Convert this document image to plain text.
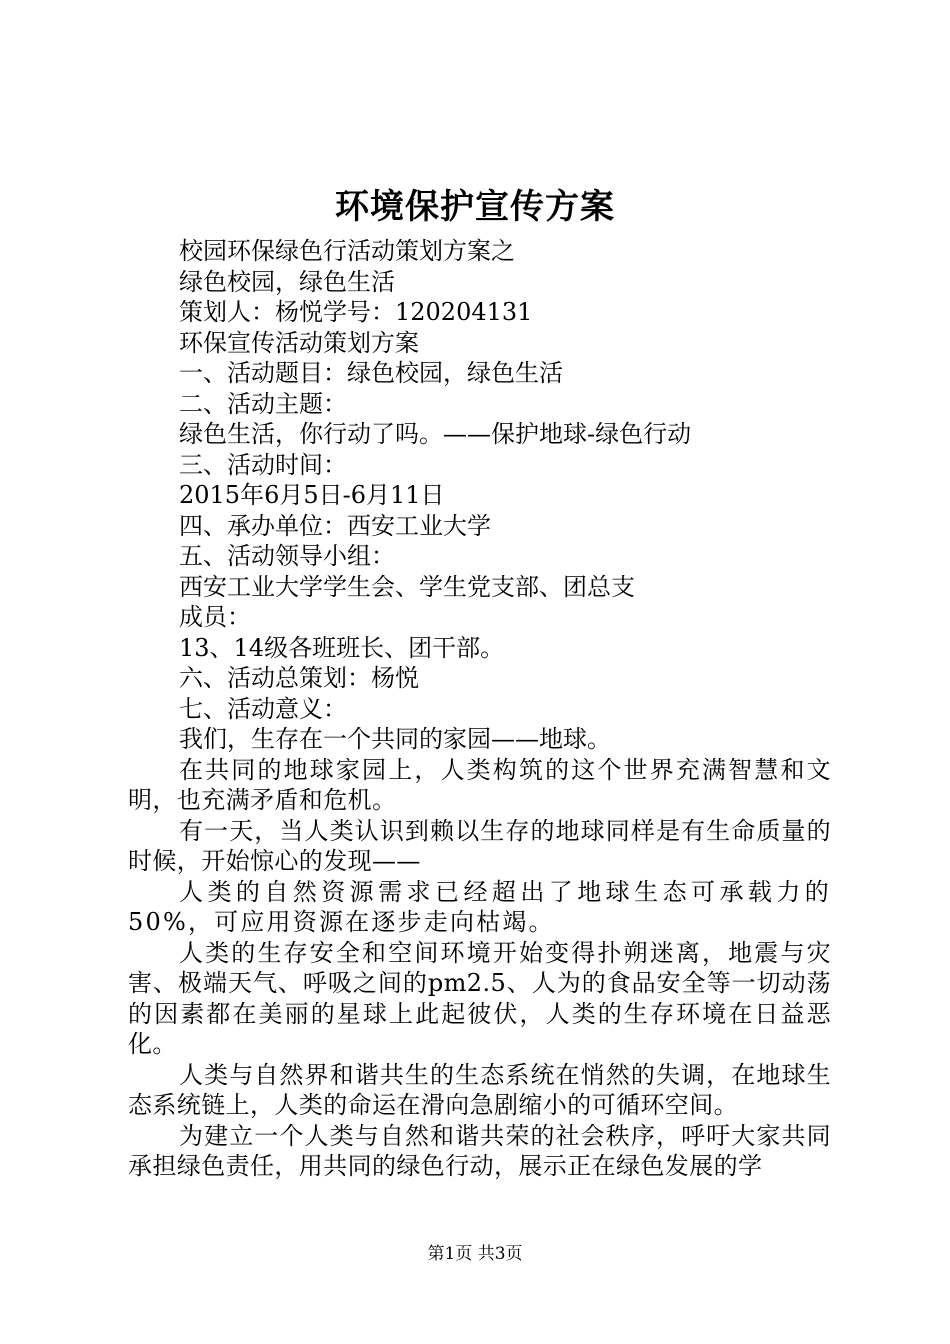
环境保护宣传方案

校园环保绿色行活动策划方案之

绿色校园，绿色生活

策划人：杨悦学号：120204131

环保宣传活动策划方案

一、活动题目：绿色校园，绿色生活

二、活动主题：

绿色生活，你行动了吗。——保护地球-绿色行动

三、活动时间：

2015年6月5日-6月11日

四、承办单位：西安工业大学

五、活动领导小组：

西安工业大学学生会、学生党支部、团总支

成员：

13、14级各班班长、团干部。

六、活动总策划：杨悦

七、活动意义：

我们，生存在一个共同的家园——地球。

在共同的地球家园上，人类构筑的这个世界充满智慧和文明，也充满矛盾和危机。

有一天，当人类认识到赖以生存的地球同样是有生命质量的时候，开始惊心的发现——

人类的自然资源需求已经超出了地球生态可承载力的50%，可应用资源在逐步走向枯竭。

人类的生存安全和空间环境开始变得扑朔迷离，地震与灾害、极端天气、呼吸之间的pm2.5、人为的食品安全等一切动荡的因素都在美丽的星球上此起彼伏，人类的生存环境在日益恶化。

人类与自然界和谐共生的生态系统在悄然的失调，在地球生态系统链上，人类的命运在滑向急剧缩小的可循环空间。

为建立一个人类与自然和谐共荣的社会秩序，呼吁大家共同承担绿色责任，用共同的绿色行动，展示正在绿色发展的学

第1页 共3页
